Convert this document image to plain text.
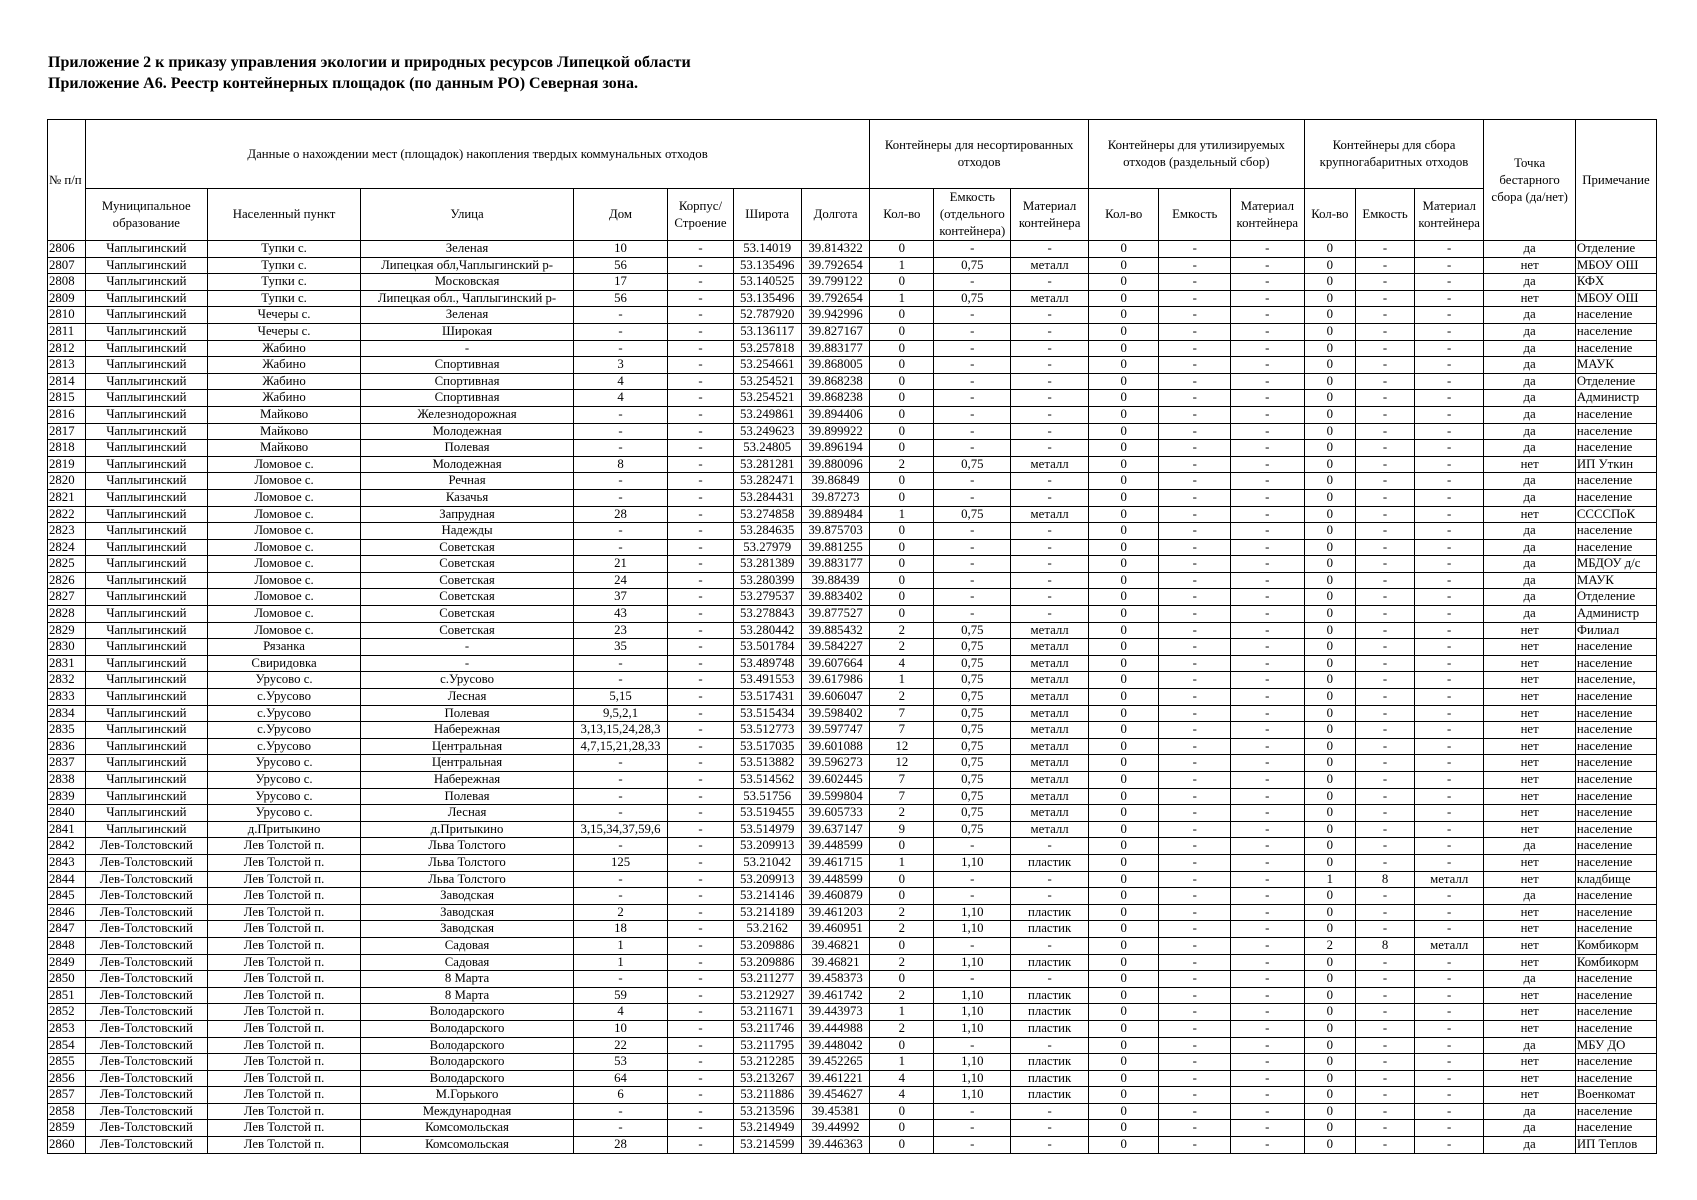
Приложение 2 к приказу управления экологии и природных ресурсов Липецкой области
Приложение А6. Реестр контейнерных площадок (по данным РО) Северная зона.
№ п/п	Данные о нахождении мест (площадок) накопления твердых коммунальных отходов							Контейнеры для несортированных отходов			Контейнеры для утилизируемых отходов (раздельный сбор)			Контейнеры для сбора крупногабаритных отходов			Точка бестарного сбора (да/нет)	Примечание
	Муниципальное образование	Населенный пункт	Улица	Дом	Корпус/ Строение	Широта	Долгота	Кол-во	Емкость (отдельного контейнера)	Материал контейнера	Кол-во	Емкость	Материал контейнера	Кол-во	Емкость	Материал контейнера		
2806	Чаплыгинский	Тупки с.	Зеленая	10	-	53.14019	39.814322	0	-	-	0	-	-	0	-	-	да	Отделение
2807	Чаплыгинский	Тупки с.	Липецкая обл,Чаплыгинский р-	56	-	53.135496	39.792654	1	0,75	металл	0	-	-	0	-	-	нет	МБОУ ОШ
2808	Чаплыгинский	Тупки с.	Московская	17	-	53.140525	39.799122	0	-	-	0	-	-	0	-	-	да	КФХ
2809	Чаплыгинский	Тупки с.	Липецкая обл., Чаплыгинский р-	56	-	53.135496	39.792654	1	0,75	металл	0	-	-	0	-	-	нет	МБОУ ОШ
2810	Чаплыгинский	Чечеры с.	Зеленая	-	-	52.787920	39.942996	0	-	-	0	-	-	0	-	-	да	население
2811	Чаплыгинский	Чечеры с.	Широкая	-	-	53.136117	39.827167	0	-	-	0	-	-	0	-	-	да	население
2812	Чаплыгинский	Жабино	-	-	-	53.257818	39.883177	0	-	-	0	-	-	0	-	-	да	население
2813	Чаплыгинский	Жабино	Спортивная	3	-	53.254661	39.868005	0	-	-	0	-	-	0	-	-	да	МАУК
2814	Чаплыгинский	Жабино	Спортивная	4	-	53.254521	39.868238	0	-	-	0	-	-	0	-	-	да	Отделение
2815	Чаплыгинский	Жабино	Спортивная	4	-	53.254521	39.868238	0	-	-	0	-	-	0	-	-	да	Администр
2816	Чаплыгинский	Майково	Железнодорожная	-	-	53.249861	39.894406	0	-	-	0	-	-	0	-	-	да	население
2817	Чаплыгинский	Майково	Молодежная	-	-	53.249623	39.899922	0	-	-	0	-	-	0	-	-	да	население
2818	Чаплыгинский	Майково	Полевая	-	-	53.24805	39.896194	0	-	-	0	-	-	0	-	-	да	население
2819	Чаплыгинский	Ломовое с.	Молодежная	8	-	53.281281	39.880096	2	0,75	металл	0	-	-	0	-	-	нет	ИП Уткин
2820	Чаплыгинский	Ломовое с.	Речная	-	-	53.282471	39.86849	0	-	-	0	-	-	0	-	-	да	население
2821	Чаплыгинский	Ломовое с.	Казачья	-	-	53.284431	39.87273	0	-	-	0	-	-	0	-	-	да	население
2822	Чаплыгинский	Ломовое с.	Запрудная	28	-	53.274858	39.889484	1	0,75	металл	0	-	-	0	-	-	нет	СССCПоК
2823	Чаплыгинский	Ломовое с.	Надежды	-	-	53.284635	39.875703	0	-	-	0	-	-	0	-	-	да	население
2824	Чаплыгинский	Ломовое с.	Советская	-	-	53.27979	39.881255	0	-	-	0	-	-	0	-	-	да	население
2825	Чаплыгинский	Ломовое с.	Советская	21	-	53.281389	39.883177	0	-	-	0	-	-	0	-	-	да	МБДОУ д/с
2826	Чаплыгинский	Ломовое с.	Советская	24	-	53.280399	39.88439	0	-	-	0	-	-	0	-	-	да	МАУК
2827	Чаплыгинский	Ломовое с.	Советская	37	-	53.279537	39.883402	0	-	-	0	-	-	0	-	-	да	Отделение
2828	Чаплыгинский	Ломовое с.	Советская	43	-	53.278843	39.877527	0	-	-	0	-	-	0	-	-	да	Администр
2829	Чаплыгинский	Ломовое с.	Советская	23	-	53.280442	39.885432	2	0,75	металл	0	-	-	0	-	-	нет	Филиал
2830	Чаплыгинский	Рязанка	-	35	-	53.501784	39.584227	2	0,75	металл	0	-	-	0	-	-	нет	население
2831	Чаплыгинский	Свиридовка	-	-	-	53.489748	39.607664	4	0,75	металл	0	-	-	0	-	-	нет	население
2832	Чаплыгинский	Урусово с.	с.Урусово	-	-	53.491553	39.617986	1	0,75	металл	0	-	-	0	-	-	нет	население,
2833	Чаплыгинский	с.Урусово	Лесная	5,15	-	53.517431	39.606047	2	0,75	металл	0	-	-	0	-	-	нет	население
2834	Чаплыгинский	с.Урусово	Полевая	9,5,2,1	-	53.515434	39.598402	7	0,75	металл	0	-	-	0	-	-	нет	население
2835	Чаплыгинский	с.Урусово	Набережная	3,13,15,24,28,3	-	53.512773	39.597747	7	0,75	металл	0	-	-	0	-	-	нет	население
2836	Чаплыгинский	с.Урусово	Центральная	4,7,15,21,28,33	-	53.517035	39.601088	12	0,75	металл	0	-	-	0	-	-	нет	население
2837	Чаплыгинский	Урусово с.	Центральная	-	-	53.513882	39.596273	12	0,75	металл	0	-	-	0	-	-	нет	население
2838	Чаплыгинский	Урусово с.	Набережная	-	-	53.514562	39.602445	7	0,75	металл	0	-	-	0	-	-	нет	население
2839	Чаплыгинский	Урусово с.	Полевая	-	-	53.51756	39.599804	7	0,75	металл	0	-	-	0	-	-	нет	население
2840	Чаплыгинский	Урусово с.	Лесная	-	-	53.519455	39.605733	2	0,75	металл	0	-	-	0	-	-	нет	население
2841	Чаплыгинский	д.Притыкино	д.Притыкино	3,15,34,37,59,6	-	53.514979	39.637147	9	0,75	металл	0	-	-	0	-	-	нет	население
2842	Лев-Толстовский	Лев Толстой п.	Льва Толстого	-	-	53.209913	39.448599	0	-	-	0	-	-	0	-	-	да	население
2843	Лев-Толстовский	Лев Толстой п.	Льва Толстого	125	-	53.21042	39.461715	1	1,10	пластик	0	-	-	0	-	-	нет	население
2844	Лев-Толстовский	Лев Толстой п.	Льва Толстого	-	-	53.209913	39.448599	0	-	-	0	-	-	1	8	металл	нет	кладбище
2845	Лев-Толстовский	Лев Толстой п.	Заводская	-	-	53.214146	39.460879	0	-	-	0	-	-	0	-	-	да	население
2846	Лев-Толстовский	Лев Толстой п.	Заводская	2	-	53.214189	39.461203	2	1,10	пластик	0	-	-	0	-	-	нет	население
2847	Лев-Толстовский	Лев Толстой п.	Заводская	18	-	53.2162	39.460951	2	1,10	пластик	0	-	-	0	-	-	нет	население
2848	Лев-Толстовский	Лев Толстой п.	Садовая	1	-	53.209886	39.46821	0	-	-	0	-	-	2	8	металл	нет	Комбикорм
2849	Лев-Толстовский	Лев Толстой п.	Садовая	1	-	53.209886	39.46821	2	1,10	пластик	0	-	-	0	-	-	нет	Комбикорм
2850	Лев-Толстовский	Лев Толстой п.	8 Марта	-	-	53.211277	39.458373	0	-	-	0	-	-	0	-	-	да	население
2851	Лев-Толстовский	Лев Толстой п.	8 Марта	59	-	53.212927	39.461742	2	1,10	пластик	0	-	-	0	-	-	нет	население
2852	Лев-Толстовский	Лев Толстой п.	Володарского	4	-	53.211671	39.443973	1	1,10	пластик	0	-	-	0	-	-	нет	население
2853	Лев-Толстовский	Лев Толстой п.	Володарского	10	-	53.211746	39.444988	2	1,10	пластик	0	-	-	0	-	-	нет	население
2854	Лев-Толстовский	Лев Толстой п.	Володарского	22	-	53.211795	39.448042	0	-	-	0	-	-	0	-	-	да	МБУ ДО
2855	Лев-Толстовский	Лев Толстой п.	Володарского	53	-	53.212285	39.452265	1	1,10	пластик	0	-	-	0	-	-	нет	население
2856	Лев-Толстовский	Лев Толстой п.	Володарского	64	-	53.213267	39.461221	4	1,10	пластик	0	-	-	0	-	-	нет	население
2857	Лев-Толстовский	Лев Толстой п.	М.Горького	6	-	53.211886	39.454627	4	1,10	пластик	0	-	-	0	-	-	нет	Военкомат
2858	Лев-Толстовский	Лев Толстой п.	Международная	-	-	53.213596	39.45381	0	-	-	0	-	-	0	-	-	да	население
2859	Лев-Толстовский	Лев Толстой п.	Комсомольская	-	-	53.214949	39.44992	0	-	-	0	-	-	0	-	-	да	население
2860	Лев-Толстовский	Лев Толстой п.	Комсомольская	28	-	53.214599	39.446363	0	-	-	0	-	-	0	-	-	да	ИП Теплов
